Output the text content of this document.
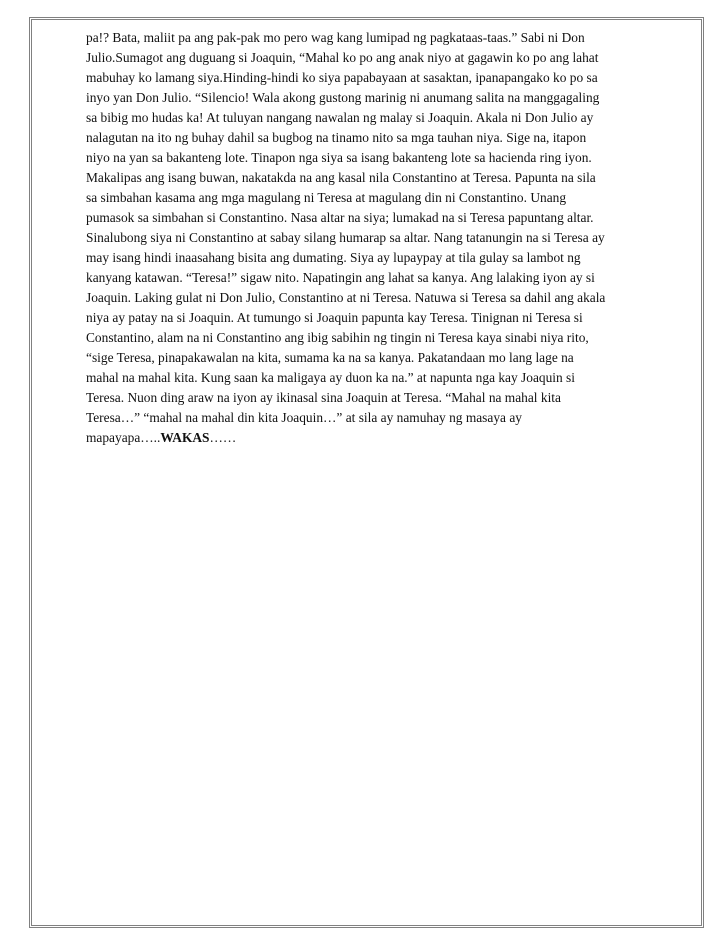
pa!? Bata, maliit pa ang pak-pak mo pero wag kang lumipad ng pagkataas-taas.” Sabi ni Don
Julio.Sumagot ang duguang si Joaquin, “Mahal ko po ang anak niyo at gagawin ko po ang lahat
mabuhay ko lamang siya.Hinding-hindi ko siya papabayaan at sasaktan, ipanapangako ko po sa
inyo yan Don Julio. “Silencio! Wala akong gustong marinig ni anumang salita na manggagaling
sa bibig mo hudas ka! At tuluyan nangang nawalan ng malay si Joaquin. Akala ni Don Julio ay
nalagutan na ito ng buhay dahil sa bugbog na tinamo nito sa mga tauhan niya. Sige na, itapon
niyo na yan sa bakanteng lote. Tinapon nga siya sa isang bakanteng lote sa hacienda ring iyon.
Makalipas ang isang buwan, nakatakda na ang kasal nila Constantino at Teresa. Papunta na sila
sa simbahan kasama ang mga magulang ni Teresa at magulang din ni Constantino. Unang
pumasok sa simbahan si Constantino. Nasa altar na siya; lumakad na si Teresa papuntang altar.
Sinalubong siya ni Constantino at sabay silang humarap sa altar. Nang tatanungin na si Teresa ay
may isang hindi inaasahang bisita ang dumating. Siya ay lupaypay at tila gulay sa lambot ng
kanyang katawan. “Teresa!” sigaw nito. Napatingin ang lahat sa kanya. Ang lalaking iyon ay si
Joaquin. Laking gulat ni Don Julio, Constantino at ni Teresa. Natuwa si Teresa sa dahil ang akala
niya ay patay na si Joaquin. At tumungo si Joaquin papunta kay Teresa. Tinignan ni Teresa si
Constantino, alam na ni Constantino ang ibig sabihin ng tingin ni Teresa kaya sinabi niya rito,
“sige Teresa, pinapakawalan na kita, sumama ka na sa kanya. Pakatandaan mo lang lage na
mahal na mahal kita. Kung saan ka maligaya ay duon ka na.” at napunta nga kay Joaquin si
Teresa. Nuon ding araw na iyon ay ikinasal sina Joaquin at Teresa. “Mahal na mahal kita
Teresa…” “mahal na mahal din kita Joaquin…” at sila ay namuhay ng masaya ay
mapayapa…..WAKAS……
